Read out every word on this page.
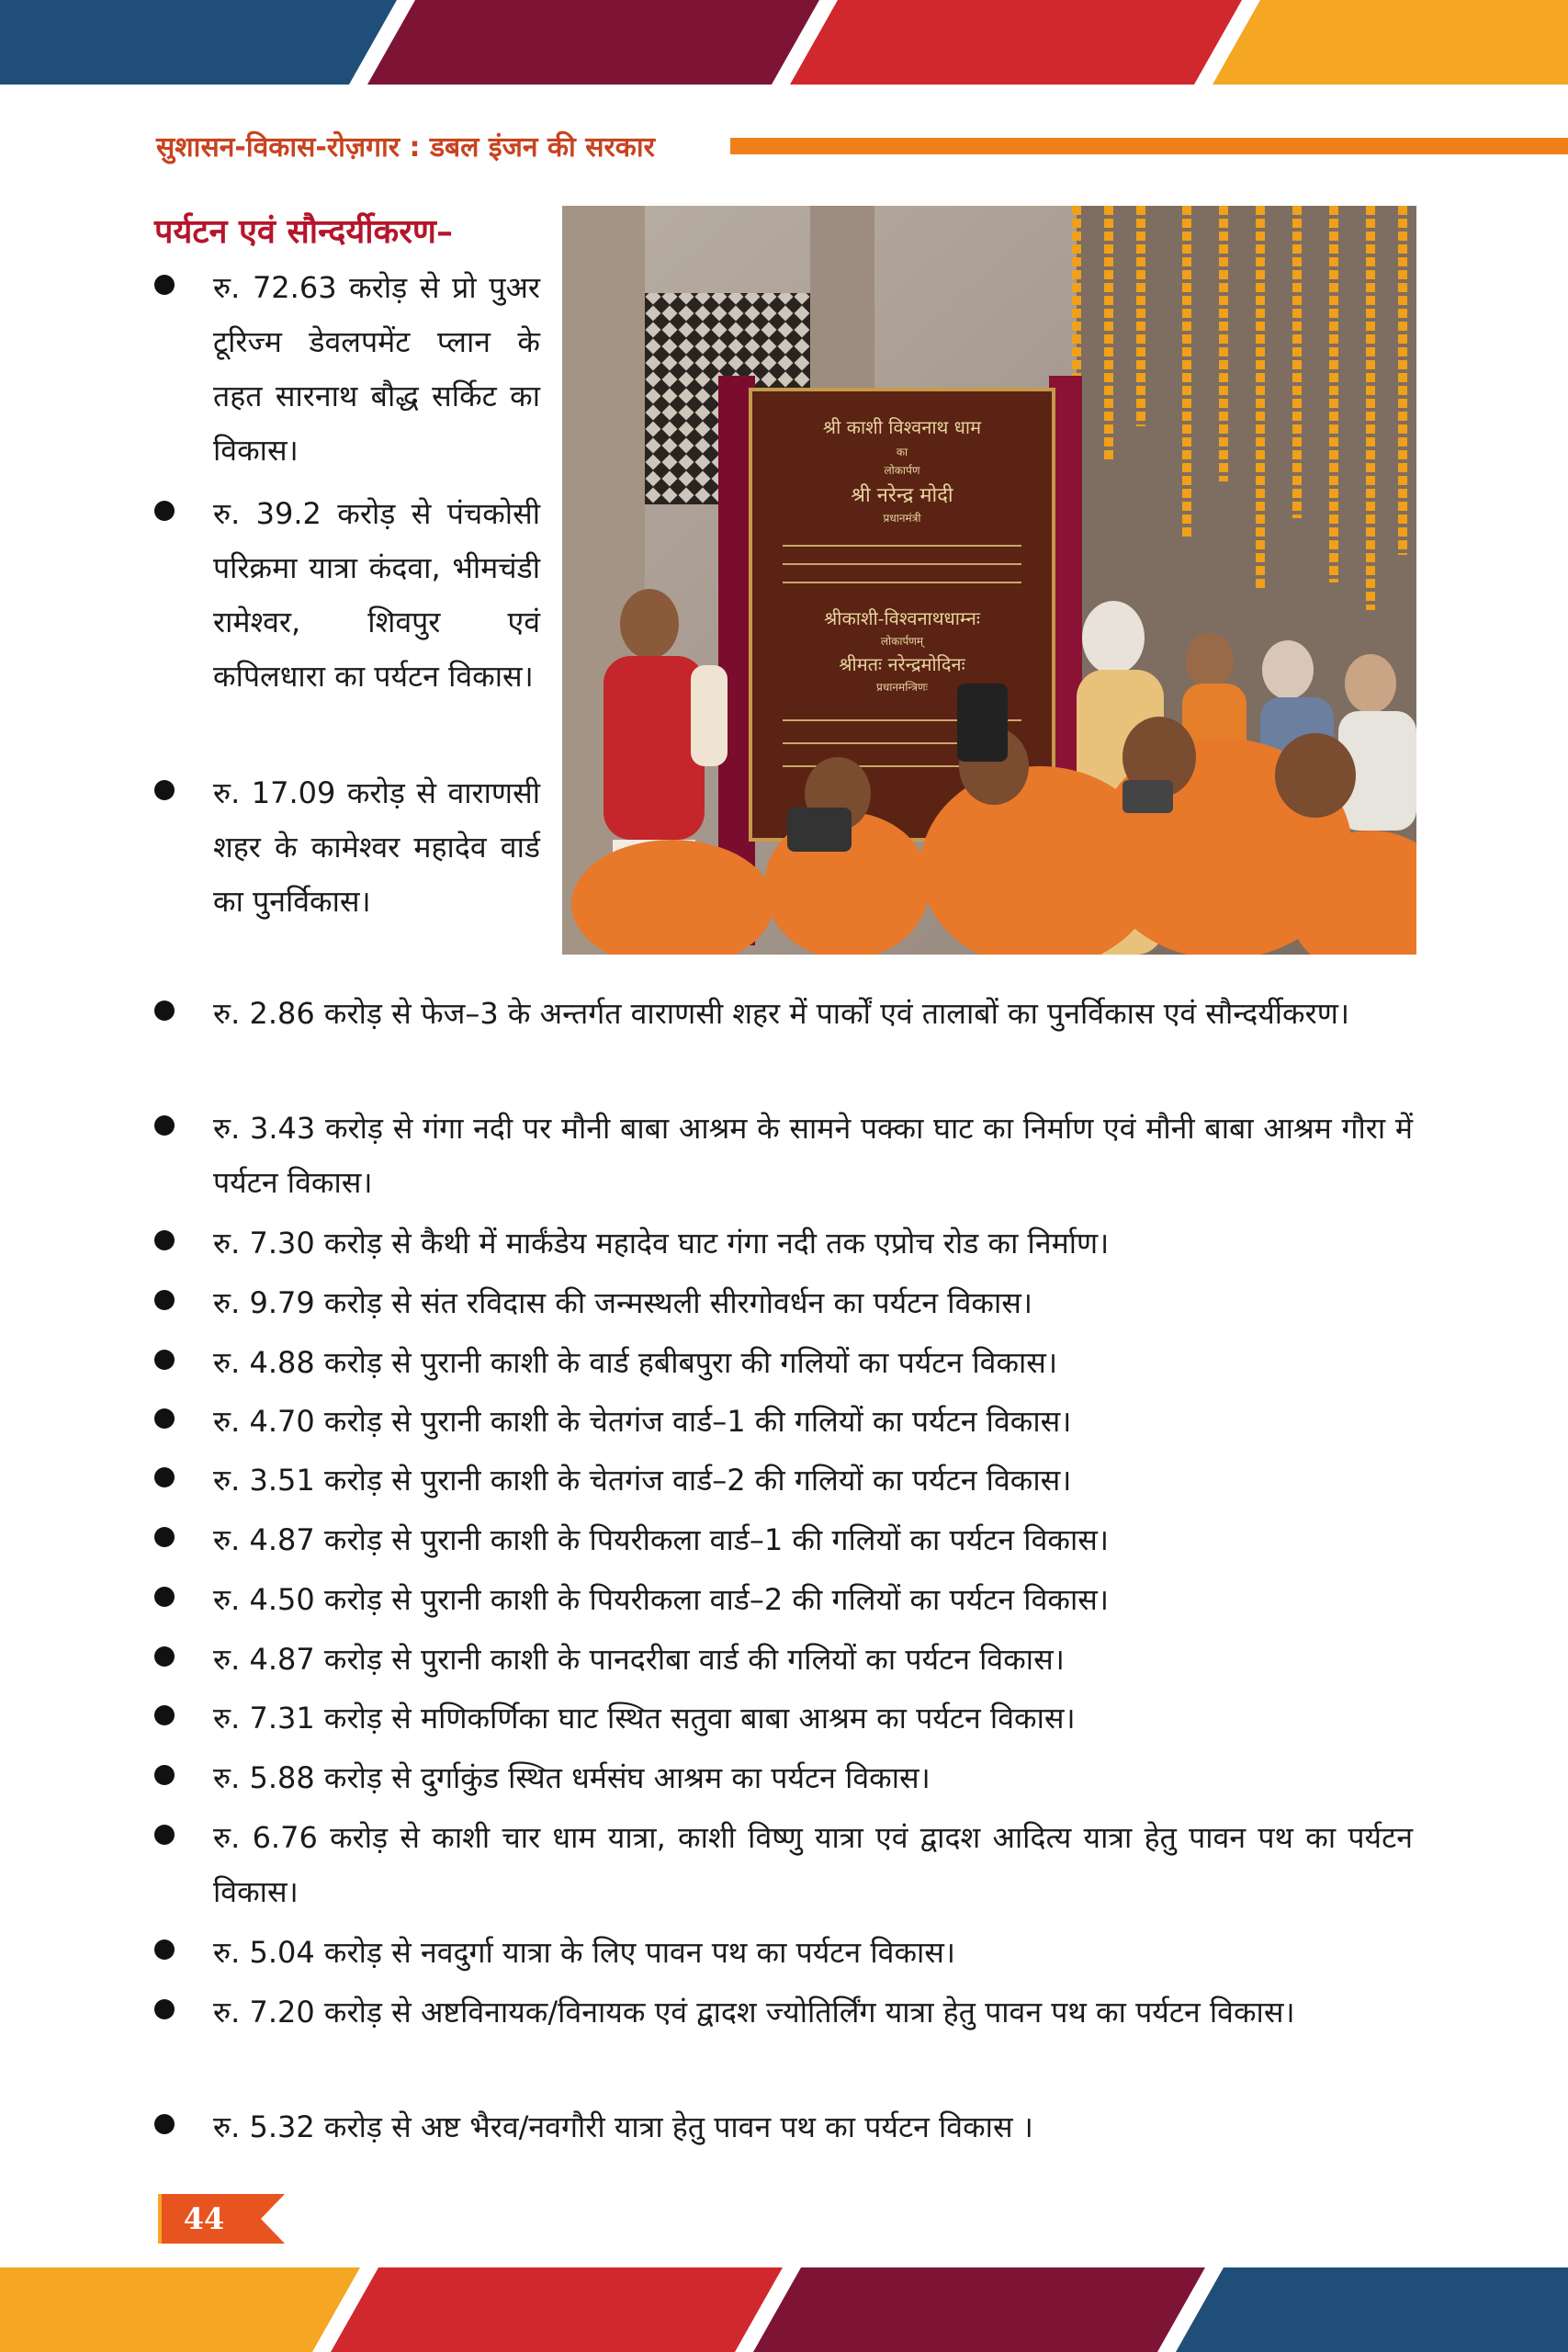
सुशासन-विकास-रोज़गार : डबल इंजन की सरकार
पर्यटन एवं सौन्दर्यीकरण–
श्री काशी विश्वनाथ धाम
का
लोकार्पण
श्री नरेन्द्र मोदी
प्रधानमंत्री
श्रीकाशी-विश्वनाथधाम्नः
लोकार्पणम्
श्रीमतः नरेन्द्रमोदिनः
प्रधानमन्त्रिणः
रु. 72.63 करोड़ से प्रो पुअर टूरिज्म डेवलपमेंट प्लान के तहत सारनाथ बौद्ध सर्किट का विकास।
रु. 39.2 करोड़ से पंचकोसी परिक्रमा यात्रा कंदवा, भीमचंडी रामेश्वर, शिवपुर एवं कपिलधारा का पर्यटन विकास।
रु. 17.09 करोड़ से वाराणसी शहर के कामेश्वर महादेव वार्ड का पुनर्विकास।
रु. 2.86 करोड़ से फेज–3 के अन्तर्गत वाराणसी शहर में पार्कों एवं तालाबों का पुनर्विकास एवं सौन्दर्यीकरण।
रु. 3.43 करोड़ से गंगा नदी पर मौनी बाबा आश्रम के सामने पक्का घाट का निर्माण एवं मौनी बाबा आश्रम गौरा में पर्यटन विकास।
रु. 7.30 करोड़ से कैथी में मार्कंडेय महादेव घाट गंगा नदी तक एप्रोच रोड का निर्माण।
रु. 9.79 करोड़ से संत रविदास की जन्मस्थली सीरगोवर्धन का पर्यटन विकास।
रु. 4.88 करोड़ से पुरानी काशी के वार्ड हबीबपुरा की गलियों का पर्यटन विकास।
रु. 4.70 करोड़ से पुरानी काशी के चेतगंज वार्ड–1 की गलियों का पर्यटन विकास।
रु. 3.51 करोड़ से पुरानी काशी के चेतगंज वार्ड–2 की गलियों का पर्यटन विकास।
रु. 4.87 करोड़ से पुरानी काशी के पियरीकला वार्ड–1 की गलियों का पर्यटन विकास।
रु. 4.50 करोड़ से पुरानी काशी के पियरीकला वार्ड–2 की गलियों का पर्यटन विकास।
रु. 4.87 करोड़ से पुरानी काशी के पानदरीबा वार्ड की गलियों का पर्यटन विकास।
रु. 7.31 करोड़ से मणिकर्णिका घाट स्थित सतुवा बाबा आश्रम का पर्यटन विकास।
रु. 5.88 करोड़ से दुर्गाकुंड स्थित धर्मसंघ आश्रम का पर्यटन विकास।
रु. 6.76 करोड़ से काशी चार धाम यात्रा, काशी विष्णु यात्रा एवं द्वादश आदित्य यात्रा हेतु पावन पथ का पर्यटन विकास।
रु. 5.04 करोड़ से नवदुर्गा यात्रा के लिए पावन पथ का पर्यटन विकास।
रु. 7.20 करोड़ से अष्टविनायक/विनायक एवं द्वादश ज्योतिर्लिंग यात्रा हेतु पावन पथ का पर्यटन विकास।
रु. 5.32 करोड़ से अष्ट भैरव/नवगौरी यात्रा हेतु पावन पथ का पर्यटन विकास ।
44
